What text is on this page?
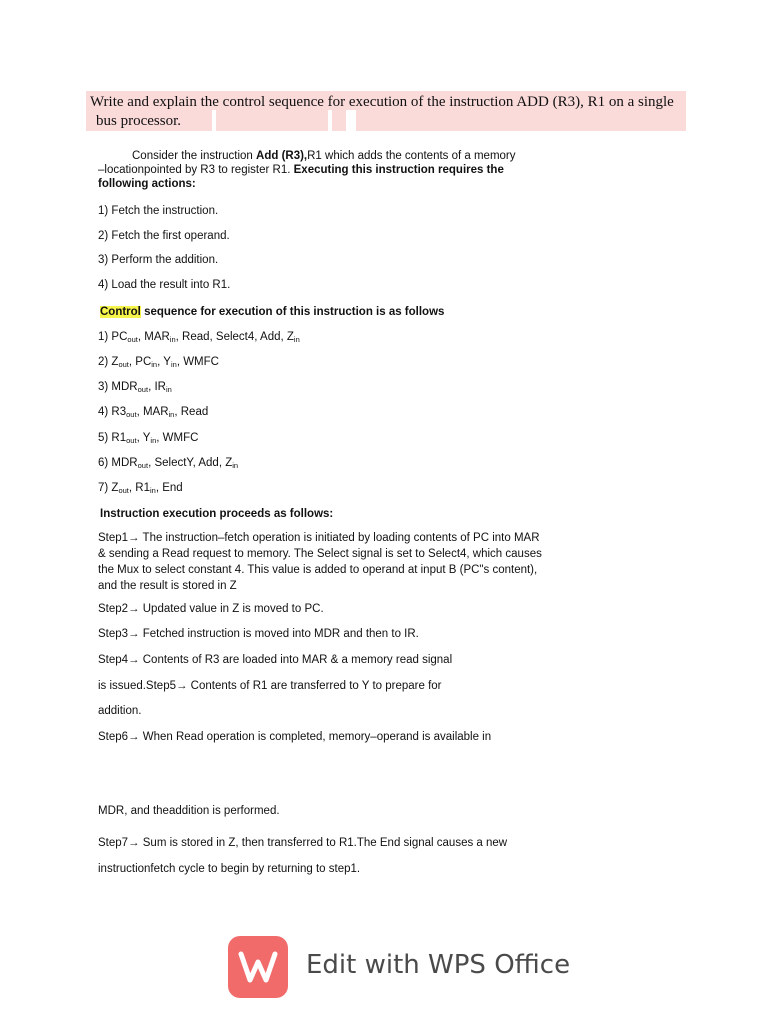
Write and explain the control sequence for execution of the instruction ADD (R3), R1 on a single
bus processor.
Consider the instruction Add (R3),R1 which adds the contents of a memory
–locationpointed by R3 to register R1. Executing this instruction requires the
following actions:
1) Fetch the instruction.
2) Fetch the first operand.
3) Perform the addition.
4) Load the result into R1.
Control sequence for execution of this instruction is as follows
1) $PC_{out}$, $MAR_{in}$, Read, Select4, Add, $Z_{in}$
2) $Z_{out}$, $PC_{in}$, $Y_{in}$, WMFC
3) $MDR_{out}$, $IR_{in}$
4) $R3_{out}$, $MAR_{in}$, Read
5) $R1_{out}$, $Y_{in}$, WMFC
6) $MDR_{out}$, SelectY, Add, $Z_{in}$
7) $Z_{out}$, $R1_{in}$, End
Instruction execution proceeds as follows:
Step1→ The instruction–fetch operation is initiated by loading contents of PC into MAR & sending a Read request to memory. The Select signal is set to Select4, which causes the Mux to select constant 4. This value is added to operand at input B (PC"s content), and the result is stored in Z
Step2→ Updated value in Z is moved to PC.
Step3→ Fetched instruction is moved into MDR and then to IR.
Step4→ Contents of R3 are loaded into MAR & a memory read signal
is issued.Step5→ Contents of R1 are transferred to Y to prepare for
addition.
Step6→ When Read operation is completed, memory–operand is available in
MDR, and theaddition is performed.
Step7→ Sum is stored in Z, then transferred to R1.The End signal causes a new
instructionfetch cycle to begin by returning to step1.
Edit with WPS Office
